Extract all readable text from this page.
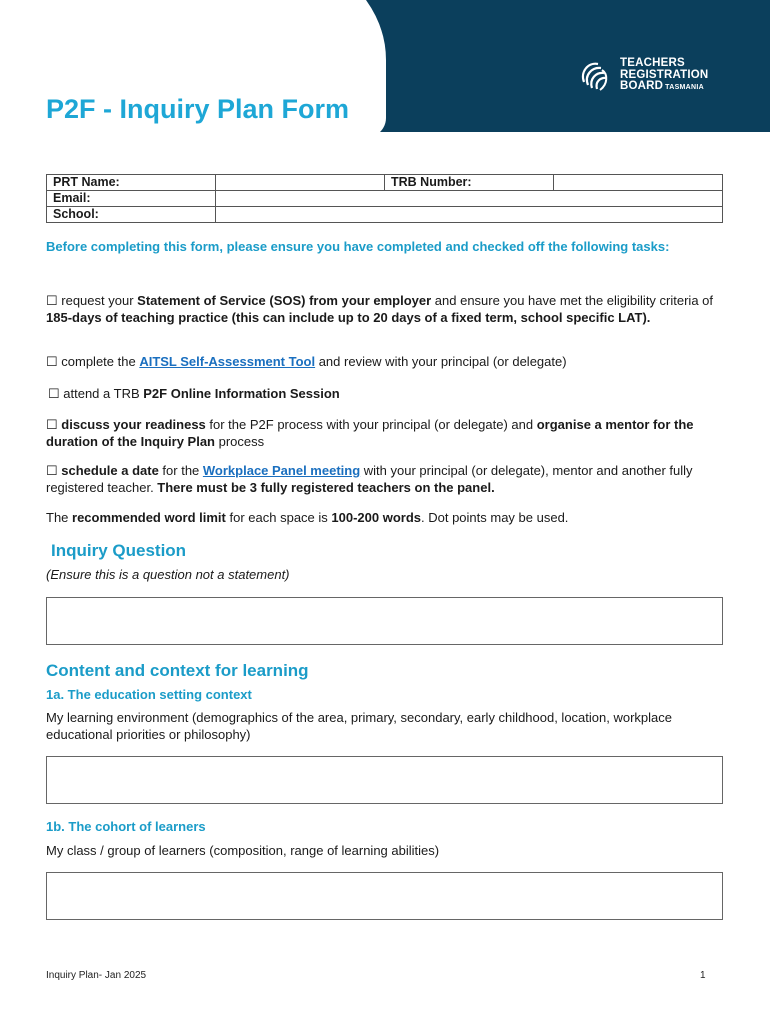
TEACHERS
REGISTRATION
BOARD TASMANIA
P2F - Inquiry Plan Form
PRT Name:		TRB Number:	
Email:			
School:			
Before completing this form, please ensure you have completed and checked off the following tasks:
☐ request your Statement of Service (SOS) from your employer and ensure you have met the eligibility criteria of 185-days of teaching practice (this can include up to 20 days of a fixed term, school specific LAT).
☐ complete the AITSL Self-Assessment Tool and review with your principal (or delegate)
☐ attend a TRB P2F Online Information Session
☐ discuss your readiness for the P2F process with your principal (or delegate) and organise a mentor for the duration of the Inquiry Plan process
☐ schedule a date for the Workplace Panel meeting with your principal (or delegate), mentor and another fully registered teacher. There must be 3 fully registered teachers on the panel.
The recommended word limit for each space is 100-200 words. Dot points may be used.
Inquiry Question
(Ensure this is a question not a statement)
Content and context for learning
1a. The education setting context
My learning environment (demographics of the area, primary, secondary, early childhood, location, workplace educational priorities or philosophy)
1b. The cohort of learners
My class / group of learners (composition, range of learning abilities)
Inquiry Plan- Jan 2025	1
